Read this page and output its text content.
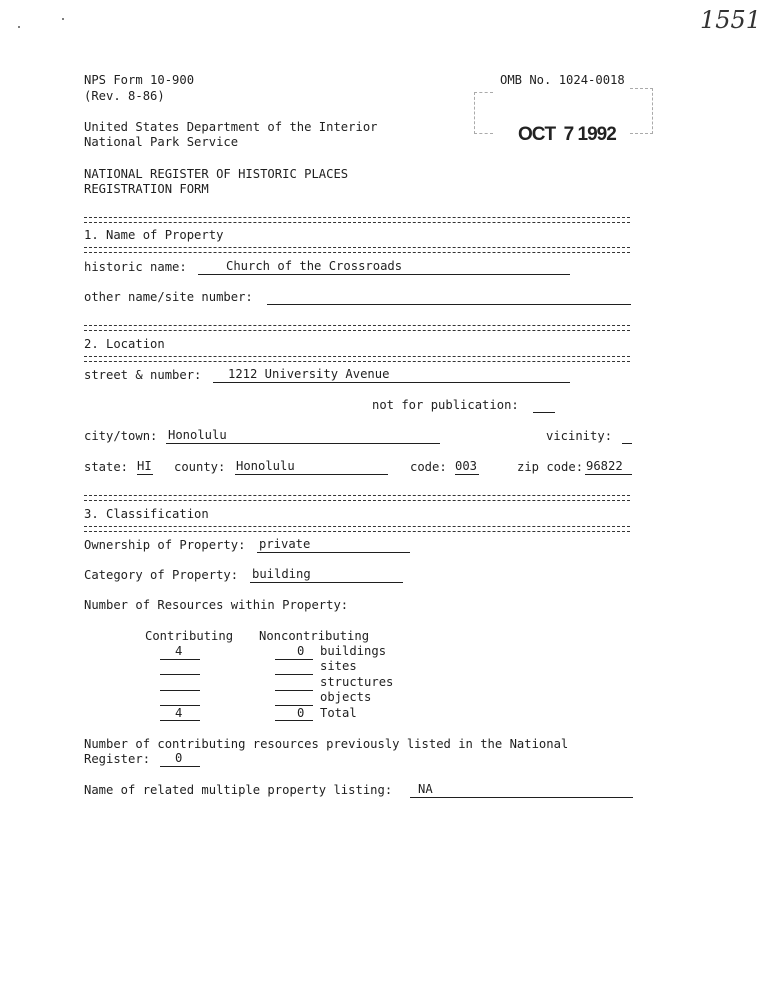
1551
NPS Form 10-900
(Rev. 8-86)
OMB No. 1024-0018
OCT  7 1992
United States Department of the Interior
National Park Service
NATIONAL REGISTER OF HISTORIC PLACES
REGISTRATION FORM
1. Name of Property
historic name:	Church of the Crossroads
other name/site number:
2. Location
street & number: 1212 University Avenue
not for publication:
city/town: Honolulu	vicinity:
state: HI county: Honolulu	code: 003	zip code: 96822
3. Classification
Ownership of Property: private
Category of Property: building
Number of Resources within Property:
Contributing Noncontributing
4	0 buildings
sites
structures
objects
4	0 Total
Number of contributing resources previously listed in the National
Register: 0
Name of related multiple property listing: NA
